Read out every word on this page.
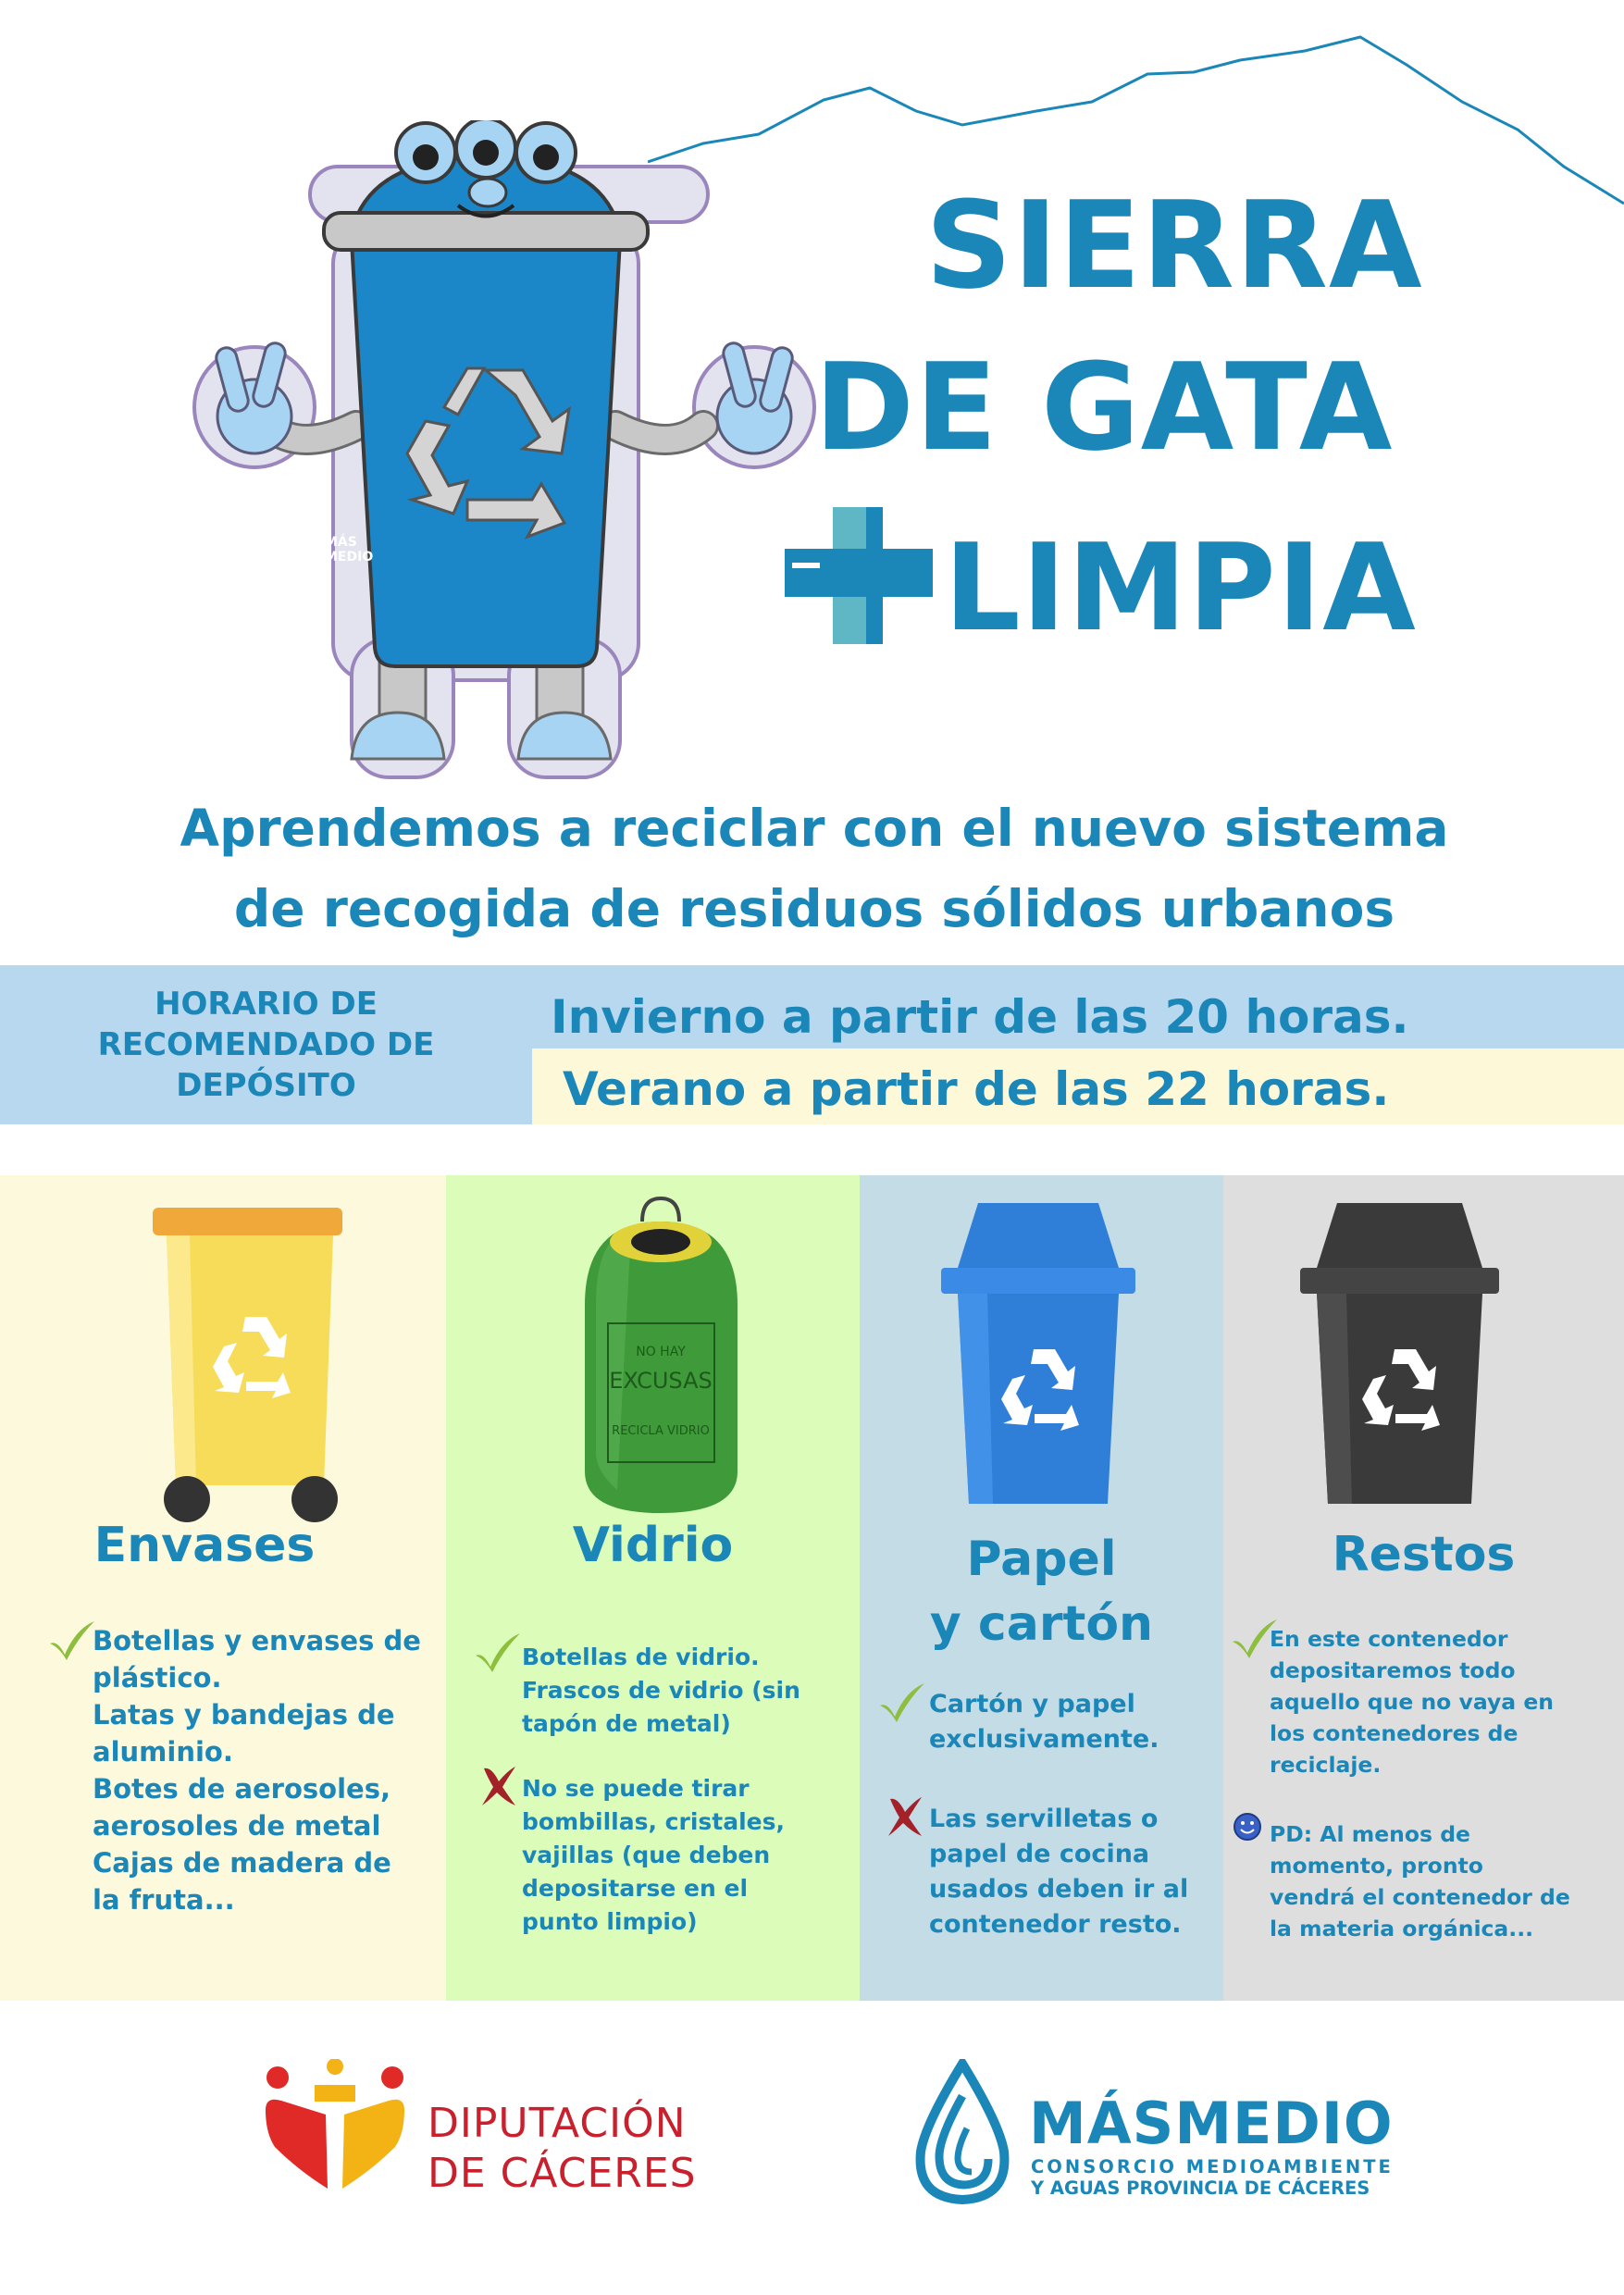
MÁS
MEDIO
SIERRA
DE GATA
LIMPIA
Aprendemos a reciclar con el nuevo sistema
de recogida de residuos sólidos urbanos
HORARIO DE
RECOMENDADO DE
DEPÓSITO
Invierno a partir de las 20 horas.
Verano a partir de las 22 horas.
Envases
Botellas y envases de
plástico.
Latas y bandejas de
aluminio.
Botes de aerosoles,
aerosoles de metal
Cajas de madera de
la fruta...
NO HAY
EXCUSAS
RECICLA VIDRIO
Vidrio
Botellas de vidrio.
Frascos de vidrio (sin
tapón de metal)
No se puede tirar
bombillas, cristales,
vajillas (que deben
depositarse en el
punto limpio)
Papel
y cartón
Cartón y papel
exclusivamente.
Las servilletas o
papel de cocina
usados deben ir al
contenedor resto.
Restos
En este contenedor
depositaremos todo
aquello que no vaya en
los contenedores de
reciclaje.
PD: Al menos de
momento, pronto
vendrá el contenedor de
la materia orgánica...
DIPUTACIÓN
DE CÁCERES
MÁSMEDIO
CONSORCIO MEDIOAMBIENTE
Y AGUAS PROVINCIA DE CÁCERES
